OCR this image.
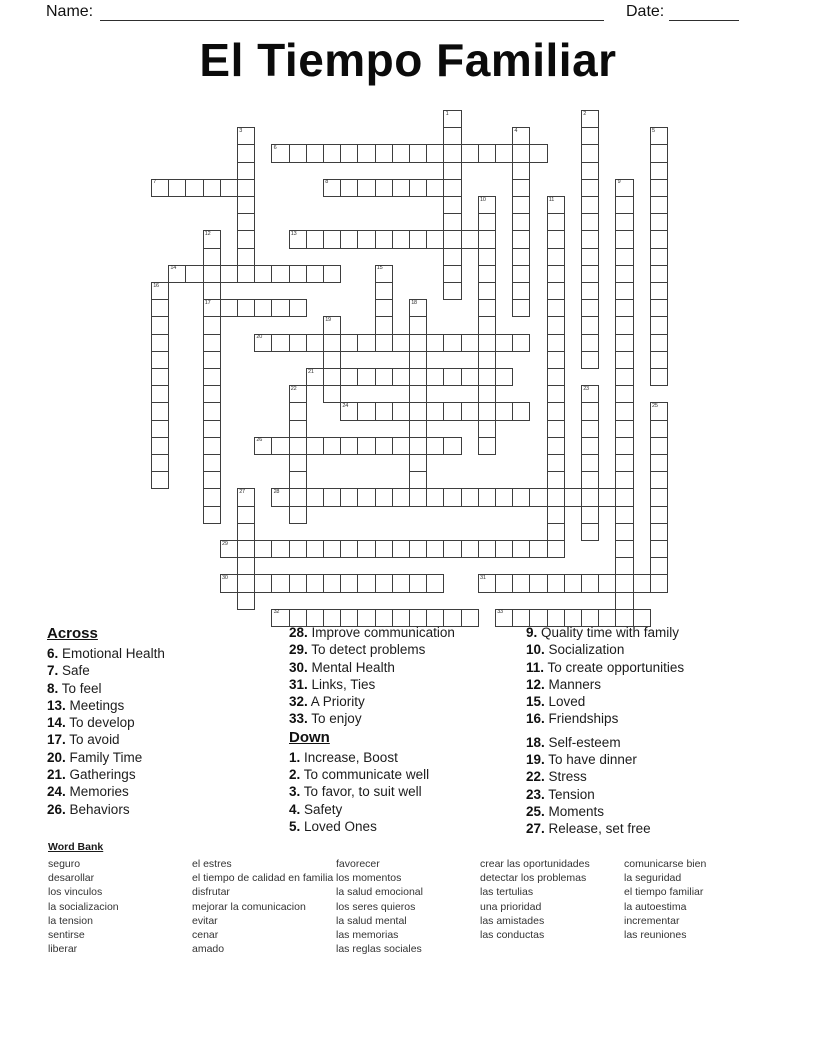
Name:	Date:
El Tiempo Familiar
1	2
3	4	5
6
7	8	9
10	11
12
17
13
14	15
16
18
19
20
21
22	23
24	25
26
27	28
29
30	31
32	33
Across
6. Emotional Health
7. Safe
8. To feel
13. Meetings
14. To develop
17. To avoid
20. Family Time
21. Gatherings
24. Memories
26. Behaviors
28. Improve communication
29. To detect problems
30. Mental Health
31. Links, Ties
32. A Priority
33. To enjoy
Down
1. Increase, Boost
2. To communicate well
3. To favor, to suit well
4. Safety
5. Loved Ones
9. Quality time with family
10. Socialization
11. To create opportunities
12. Manners
15. Loved
16. Friendships
18. Self-esteem
19. To have dinner
22. Stress
23. Tension
25. Moments
27. Release, set free
Word Bank
seguro
desarollar
los vinculos
la socializacion
la tension
sentirse
liberar
el estres
el tiempo de calidad en familia
disfrutar
mejorar la comunicacion
evitar
cenar
amado
favorecer
los momentos
la salud emocional
los seres quieros
la salud mental
las memorias
las reglas sociales
crear las oportunidades
detectar los problemas
las tertulias
una prioridad
las amistades
las conductas
comunicarse bien
la seguridad
el tiempo familiar
la autoestima
incrementar
las reuniones
